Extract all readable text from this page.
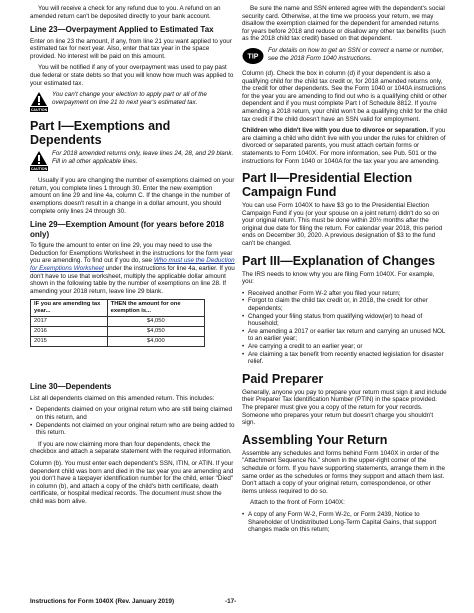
You will receive a check for any refund due to you. A refund on an amended return can't be deposited directly to your bank account.

Line 23—Overpayment Applied to Estimated Tax

Enter on line 23 the amount, if any, from line 21 you want applied to your estimated tax for next year. Also, enter that tax year in the space provided. No interest will be paid on this amount.

You will be notified if any of your overpayment was used to pay past due federal or state debts so that you will know how much was applied to your estimated tax.

CAUTION
You can't change your election to apply part or all of the overpayment on line 21 to next year's estimated tax.
Part I—Exemptions and Dependents
CAUTION
For 2018 amended returns only, leave lines 24, 28, and 29 blank. Fill in all other applicable lines.

Usually if you are changing the number of exemptions claimed on your return, you complete lines 1 through 30. Enter the new exemption amount on line 29 and line 4a, column C. If the change in the number of exemptions doesn't result in a change in a dollar amount, you should complete only lines 24 through 30.

Line 29—Exemption Amount (for years before 2018 only)

To figure the amount to enter on line 29, you may need to use the Deduction for Exemptions Worksheet in the instructions for the form year you are amending. To find out if you do, see Who must use the Deduction for Exemptions Worksheet under the instructions for line 4a, earlier. If you don't have to use that worksheet, multiply the applicable dollar amount shown in the following table by the number of exemptions on line 28. If amending your 2018 return, leave line 29 blank.

IF you are amending tax year...	THEN the amount for one exemption is...
2017	$4,050
2016	$4,050
2015	$4,000
Line 30—Dependents

List all dependents claimed on this amended return. This includes:

• Dependents claimed on your original return who are still being claimed on this return, and
• Dependents not claimed on your original return who are being added to this return.

If you are now claiming more than four dependents, check the checkbox and attach a separate statement with the required information.

Column (b). You must enter each dependent's SSN, ITIN, or ATIN. If your dependent child was born and died in the tax year you are amending and you don't have a taxpayer identification number for the child, enter "Died" in column (b), and attach a copy of the child's birth certificate, death certificate, or hospital medical records. The document must show the child was born alive.

Be sure the name and SSN entered agree with the dependent's social security card. Otherwise, at the time we process your return, we may disallow the exemption claimed for the dependent for amended returns for years before 2018 and reduce or disallow any other tax benefits (such as the 2018 child tax credit) based on that dependent.

TIP
For details on how to get an SSN or correct a name or number, see the 2018 Form 1040 instructions.

Column (d). Check the box in column (d) if your dependent is also a qualifying child for the child tax credit or, for 2018 amended returns only, the credit for other dependents. See the Form 1040 or 1040A instructions for the year you are amending to find out who is a qualifying child or other dependent and if you must complete Part I of Schedule 8812. If you're amending a 2018 return, your child won't be a qualifying child for the child tax credit if the child doesn't have an SSN valid for employment.

Children who didn't live with you due to divorce or separation. If you are claiming a child who didn't live with you under the rules for children of divorced or separated parents, you must attach certain forms or statements to Form 1040X. For more information, see Pub. 501 or the instructions for Form 1040 or 1040A for the tax year you are amending.

Part II—Presidential Election Campaign Fund

You can use Form 1040X to have $3 go to the Presidential Election Campaign Fund if you (or your spouse on a joint return) didn't do so on your original return. This must be done within 20½ months after the original due date for filing the return. For calendar year 2018, this period ends on December 30, 2020. A previous designation of $3 to the fund can't be changed.

Part III—Explanation of Changes

The IRS needs to know why you are filing Form 1040X. For example, you:

• Received another Form W-2 after you filed your return;
• Forgot to claim the child tax credit or, in 2018, the credit for other dependents;
• Changed your filing status from qualifying widow(er) to head of household;
• Are amending a 2017 or earlier tax return and carrying an unused NOL to an earlier year;
• Are carrying a credit to an earlier year; or
• Are claiming a tax benefit from recently enacted legislation for disaster relief.
Paid Preparer

Generally, anyone you pay to prepare your return must sign it and include their Preparer Tax Identification Number (PTIN) in the space provided. The preparer must give you a copy of the return for your records. Someone who prepares your return but doesn't charge you shouldn't sign.

Assembling Your Return

Assemble any schedules and forms behind Form 1040X in order of the "Attachment Sequence No." shown in the upper-right corner of the schedule or form. If you have supporting statements, arrange them in the same order as the schedules or forms they support and attach them last. Don't attach a copy of your original return, correspondence, or other items unless required to do so.

Attach to the front of Form 1040X:

• A copy of any Form W-2, Form W-2c, or Form 2439, Notice to Shareholder of Undistributed Long-Term Capital Gains, that support changes made on this return;
Instructions for Form 1040X (Rev. January 2019)	-17-
